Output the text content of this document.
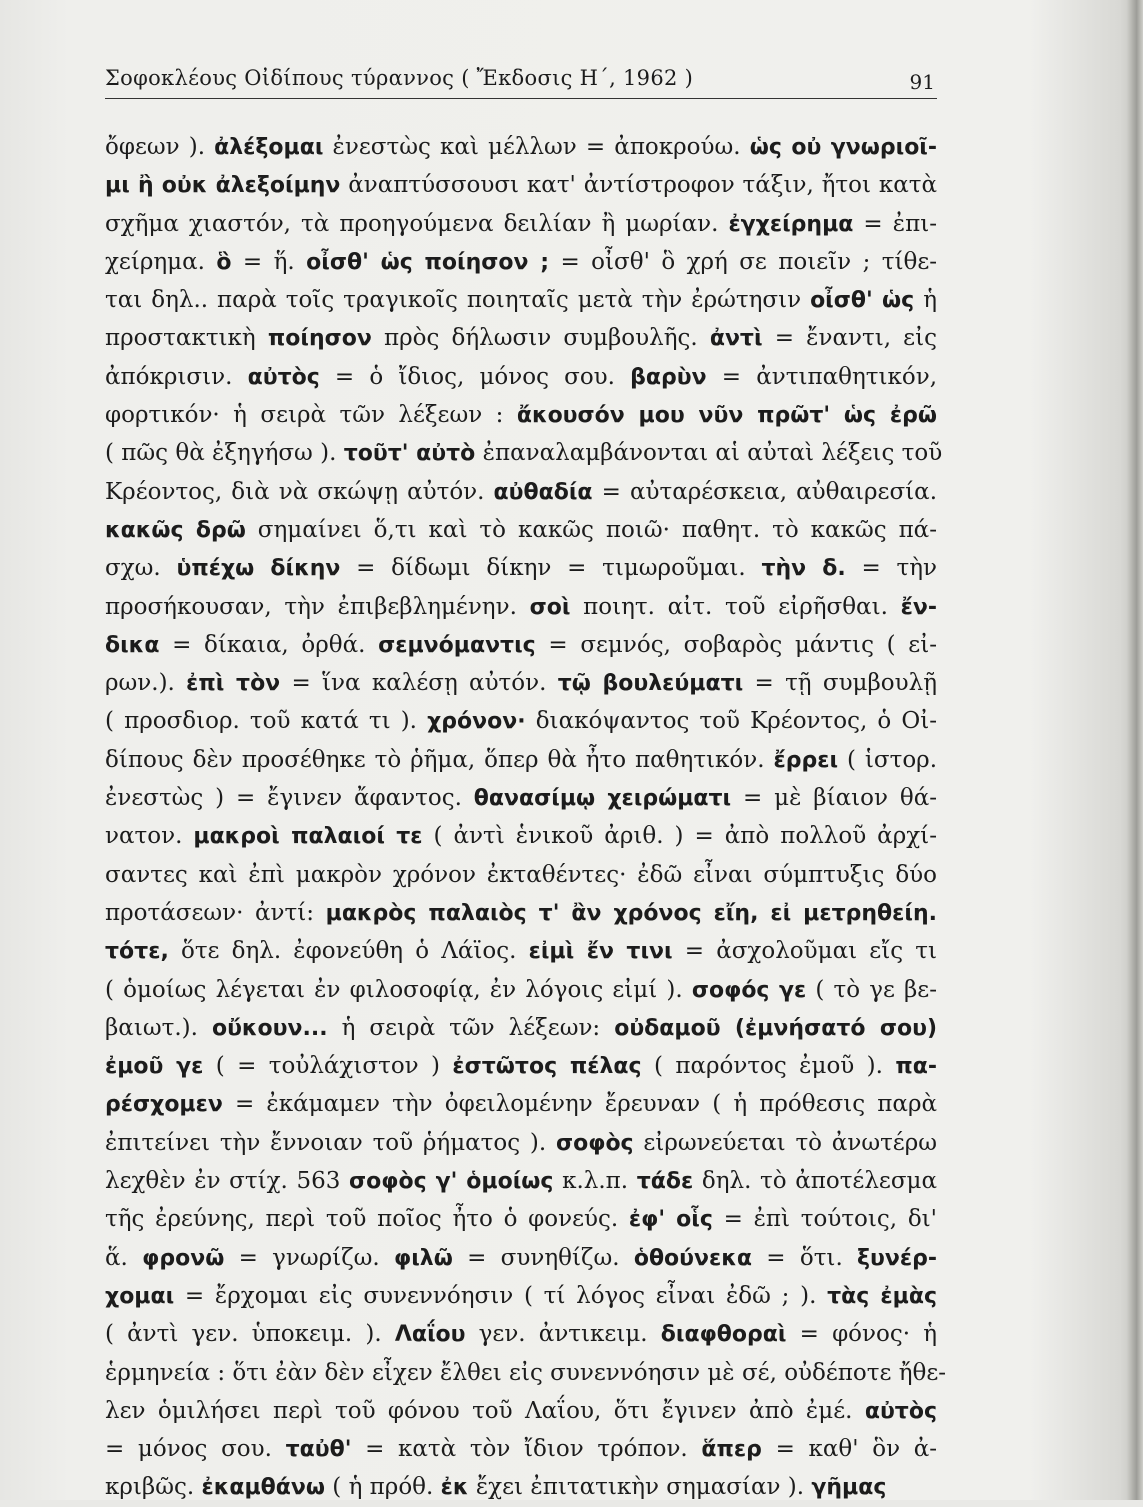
Σοφοκλέους Οἰδίπους τύραννος ( Ἔκδοσις Η΄, 1962 )	91
ὄφεων ). ἀλέξομαι ἐνεστὼς καὶ μέλλων = ἀποκρούω. ὡς οὐ γνωριοῖ-
μι ἢ οὐκ ἀλεξοίμην ἀναπτύσσουσι κατ' ἀντίστροφον τάξιν, ἤτοι κατὰ
σχῆμα χιαστόν, τὰ προηγούμενα δειλίαν ἢ μωρίαν. ἐγχείρημα = ἐπι-
χείρημα. ὃ = ἥ. οἶσθ' ὡς ποίησον ; = οἶσθ' ὃ χρή σε ποιεῖν ; τίθε-
ται δηλ.. παρὰ τοῖς τραγικοῖς ποιηταῖς μετὰ τὴν ἐρώτησιν οἶσθ' ὡς ἡ
προστακτικὴ ποίησον πρὸς δήλωσιν συμβουλῆς. ἀντὶ = ἔναντι, εἰς
ἀπόκρισιν. αὐτὸς = ὁ ἴδιος, μόνος σου. βαρὺν = ἀντιπαθητικόν,
φορτικόν· ἡ σειρὰ τῶν λέξεων : ἄκουσόν μου νῦν πρῶτ' ὡς ἐρῶ
( πῶς θὰ ἐξηγήσω ). τοῦτ' αὐτὸ ἐπαναλαμβάνονται αἱ αὐταὶ λέξεις τοῦ
Κρέοντος, διὰ νὰ σκώψῃ αὐτόν. αὐθαδία = αὐταρέσκεια, αὐθαιρεσία.
κακῶς δρῶ σημαίνει ὅ,τι καὶ τὸ κακῶς ποιῶ· παθητ. τὸ κακῶς πά-
σχω. ὑπέχω δίκην = δίδωμι δίκην = τιμωροῦμαι. τὴν δ. = τὴν
προσήκουσαν, τὴν ἐπιβεβλημένην. σοὶ ποιητ. αἰτ. τοῦ εἰρῆσθαι. ἔν-
δικα = δίκαια, ὀρθά. σεμνόμαντις = σεμνός, σοβαρὸς μάντις ( εἰ-
ρων.). ἐπὶ τὸν = ἵνα καλέσῃ αὐτόν. τῷ βουλεύματι = τῇ συμβουλῇ
( προσδιορ. τοῦ κατά τι ). χρόνον· διακόψαντος τοῦ Κρέοντος, ὁ Οἰ-
δίπους δὲν προσέθηκε τὸ ῥῆμα, ὅπερ θὰ ἦτο παθητικόν. ἔρρει ( ἱστορ.
ἐνεστὼς ) = ἔγινεν ἄφαντος. θανασίμῳ χειρώματι = μὲ βίαιον θά-
νατον. μακροὶ παλαιοί τε ( ἀντὶ ἑνικοῦ ἀριθ. ) = ἀπὸ πολλοῦ ἀρχί-
σαντες καὶ ἐπὶ μακρὸν χρόνον ἐκταθέντες· ἐδῶ εἶναι σύμπτυξις δύο
προτάσεων· ἀντί: μακρὸς παλαιὸς τ' ἂν χρόνος εἴη, εἰ μετρηθείη.
τότε, ὅτε δηλ. ἐφονεύθη ὁ Λάϊος. εἰμὶ ἔν τινι = ἀσχολοῦμαι εἴς τι
( ὁμοίως λέγεται ἐν φιλοσοφίᾳ, ἐν λόγοις εἰμί ). σοφός γε ( τὸ γε βε-
βαιωτ.). οὔκουν... ἡ σειρὰ τῶν λέξεων: οὐδαμοῦ (ἐμνήσατό σου)
ἐμοῦ γε ( = τοὐλάχιστον ) ἐστῶτος πέλας ( παρόντος ἐμοῦ ). πα-
ρέσχομεν = ἐκάμαμεν τὴν ὀφειλομένην ἔρευναν ( ἡ πρόθεσις παρὰ
ἐπιτείνει τὴν ἔννοιαν τοῦ ῥήματος ). σοφὸς εἰρωνεύεται τὸ ἀνωτέρω
λεχθὲν ἐν στίχ. 563 σοφὸς γ' ὁμοίως κ.λ.π. τάδε δηλ. τὸ ἀποτέλεσμα
τῆς ἐρεύνης, περὶ τοῦ ποῖος ἦτο ὁ φονεύς. ἐφ' οἷς = ἐπὶ τούτοις, δι'
ἅ. φρονῶ = γνωρίζω. φιλῶ = συνηθίζω. ὁθούνεκα = ὅτι. ξυνέρ-
χομαι = ἔρχομαι εἰς συνεννόησιν ( τί λόγος εἶναι ἐδῶ ; ). τὰς ἐμὰς
( ἀντὶ γεν. ὑποκειμ. ). Λαΐου γεν. ἀντικειμ. διαφθοραὶ = φόνος· ἡ
ἑρμηνεία : ὅτι ἐὰν δὲν εἶχεν ἔλθει εἰς συνεννόησιν μὲ σέ, οὐδέποτε ἤθε-
λεν ὁμιλήσει περὶ τοῦ φόνου τοῦ Λαΐου, ὅτι ἔγινεν ἀπὸ ἐμέ. αὐτὸς
= μόνος σου. ταὐθ' = κατὰ τὸν ἴδιον τρόπον. ἅπερ = καθ' ὃν ἀ-
κριβῶς. ἐκαμθάνω ( ἡ πρόθ. ἐκ ἔχει ἐπιτατικὴν σημασίαν ). γῆμας
